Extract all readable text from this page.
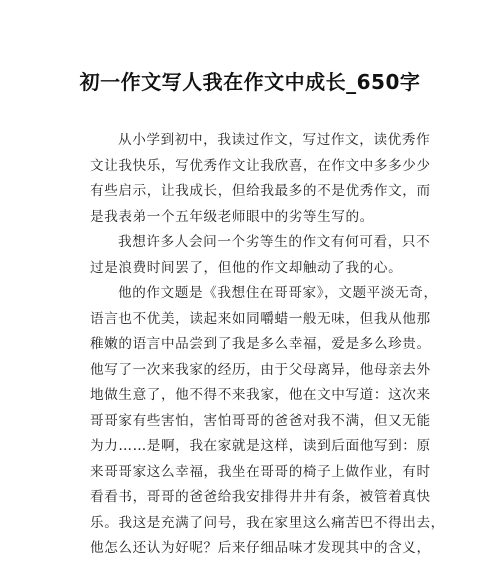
初一作文写人我在作文中成长_650字
从小学到初中，我读过作文，写过作文，读优秀作
文让我快乐，写优秀作文让我欣喜，在作文中多多少少
有些启示，让我成长，但给我最多的不是优秀作文，而
是我表弟一个五年级老师眼中的劣等生写的。
我想许多人会问一个劣等生的作文有何可看，只不
过是浪费时间罢了，但他的作文却触动了我的心。
他的作文题是《我想住在哥哥家》，文题平淡无奇，
语言也不优美，读起来如同嚼蜡一般无味，但我从他那
稚嫩的语言中品尝到了我是多么幸福，爱是多么珍贵。
他写了一次来我家的经历，由于父母离异，他母亲去外
地做生意了，他不得不来我家，他在文中写道：这次来
哥哥家有些害怕，害怕哥哥的爸爸对我不满，但又无能
为力……是啊，我在家就是这样，读到后面他写到：原
来哥哥家这么幸福，我坐在哥哥的椅子上做作业，有时
看看书，哥哥的爸爸给我安排得井井有条，被管着真快
乐。我这是充满了问号，我在家里这么痛苦巴不得出去，
他怎么还认为好呢？后来仔细品味才发现其中的含义，
